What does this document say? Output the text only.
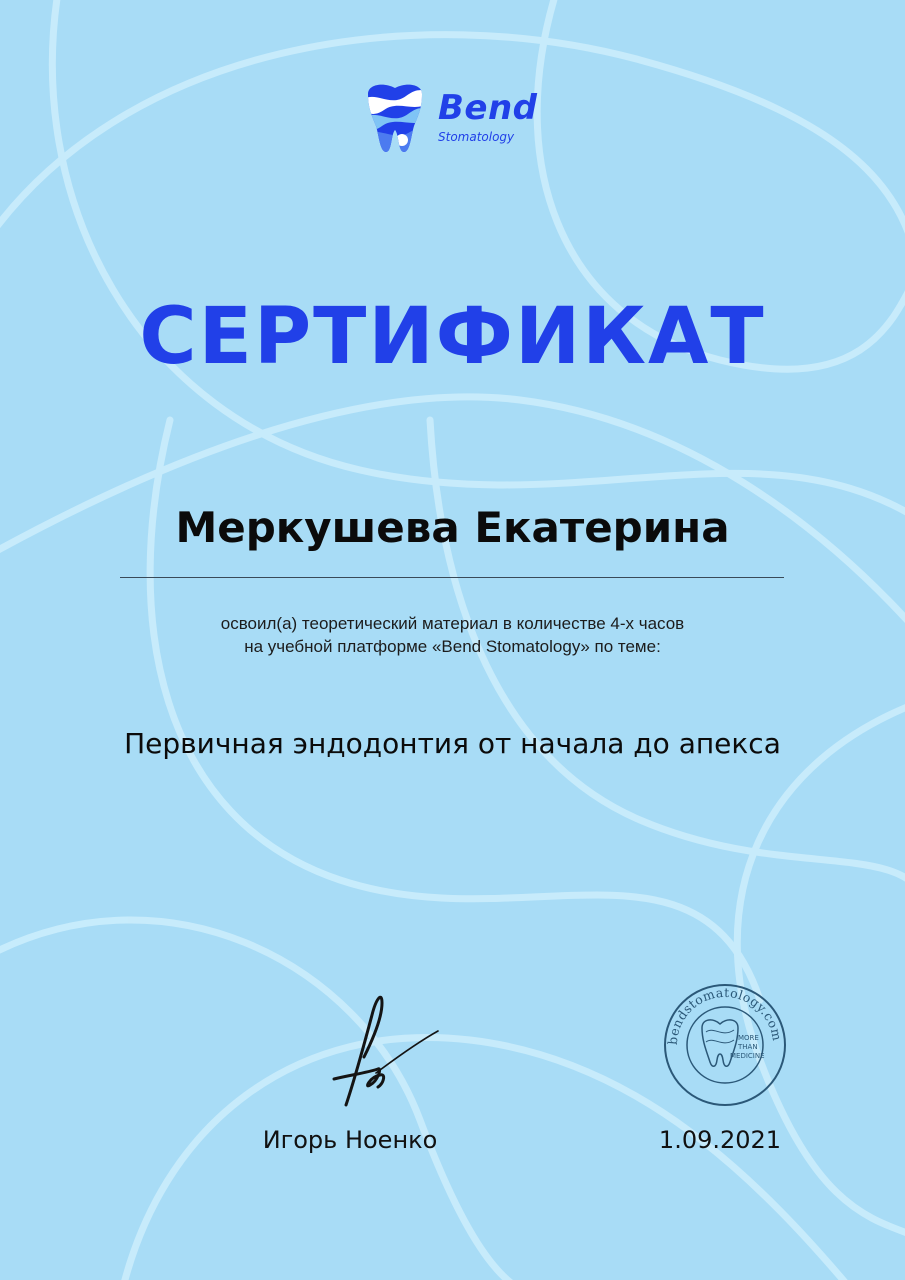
Bend
Stomatology
СЕРТИФИКАТ
Меркушева Екатерина
освоил(а) теоретический материал в количестве 4-х часов
на учебной платформе «Bend Stomatology» по теме:
Первичная эндодонтия от начала до апекса
Игорь Ноенко	1.09.2021
bendstomatology.com
MORE
THAN
MEDICINE
